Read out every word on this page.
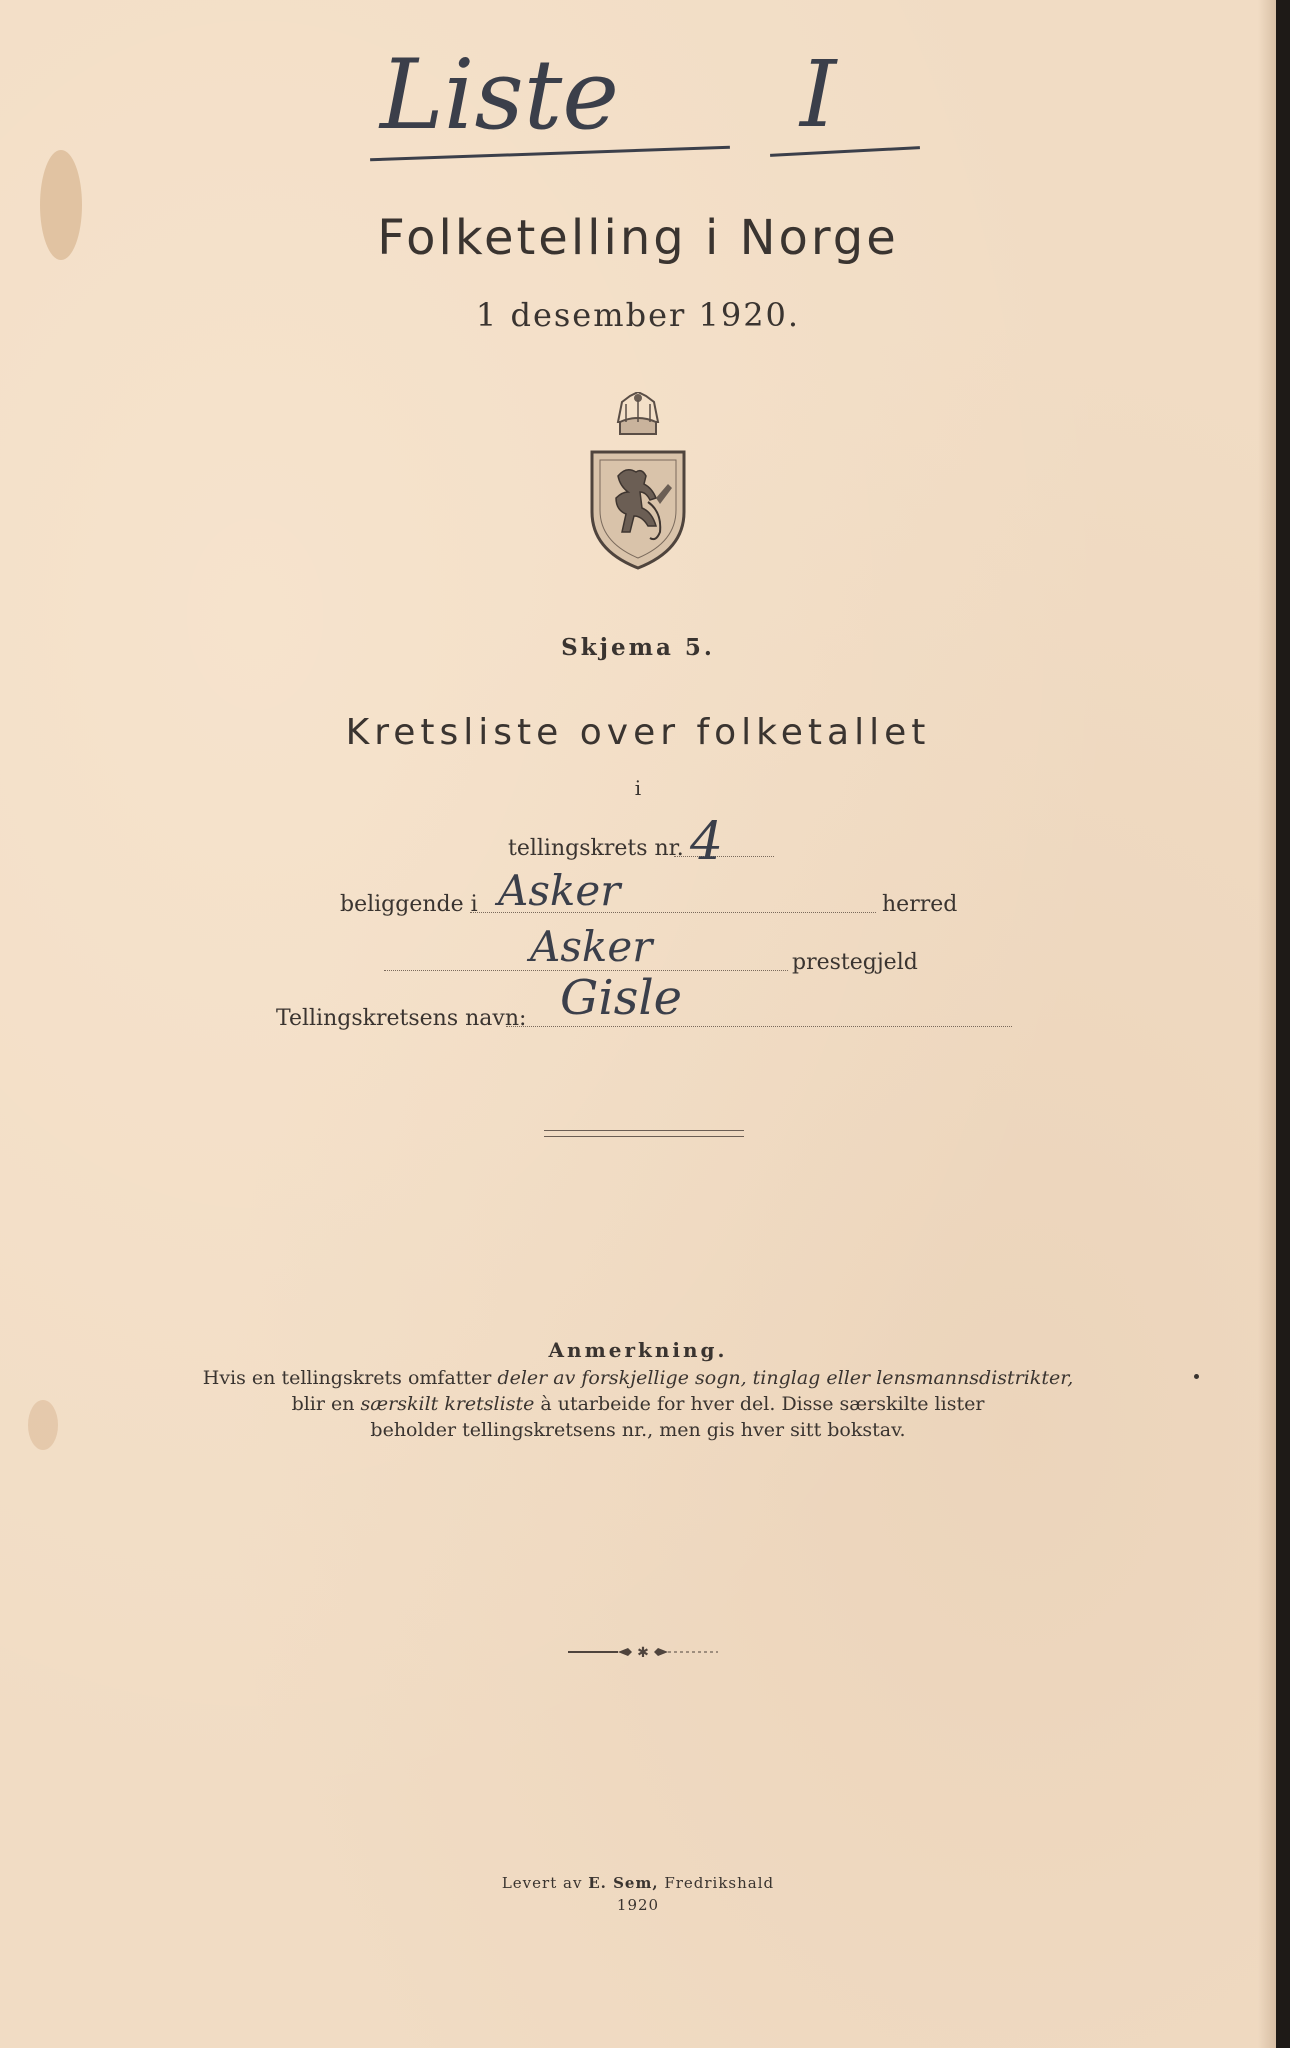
Liste I
Folketelling i Norge
1 desember 1920.
Skjema 5.
Kretsliste over folketallet
i
tellingskrets nr. 4
beliggende i Asker	herred
Asker	prestegjeld
Tellingskretsens navn: Gisle
Anmerkning.
Hvis en tellingskrets omfatter deler av forskjellige sogn, tinglag eller lensmannsdistrikter,
blir en særskilt kretsliste à utarbeide for hver del. Disse særskilte lister
beholder tellingskretsens nr., men gis hver sitt bokstav.
✱
Levert av E. Sem, Fredrikshald
1920
